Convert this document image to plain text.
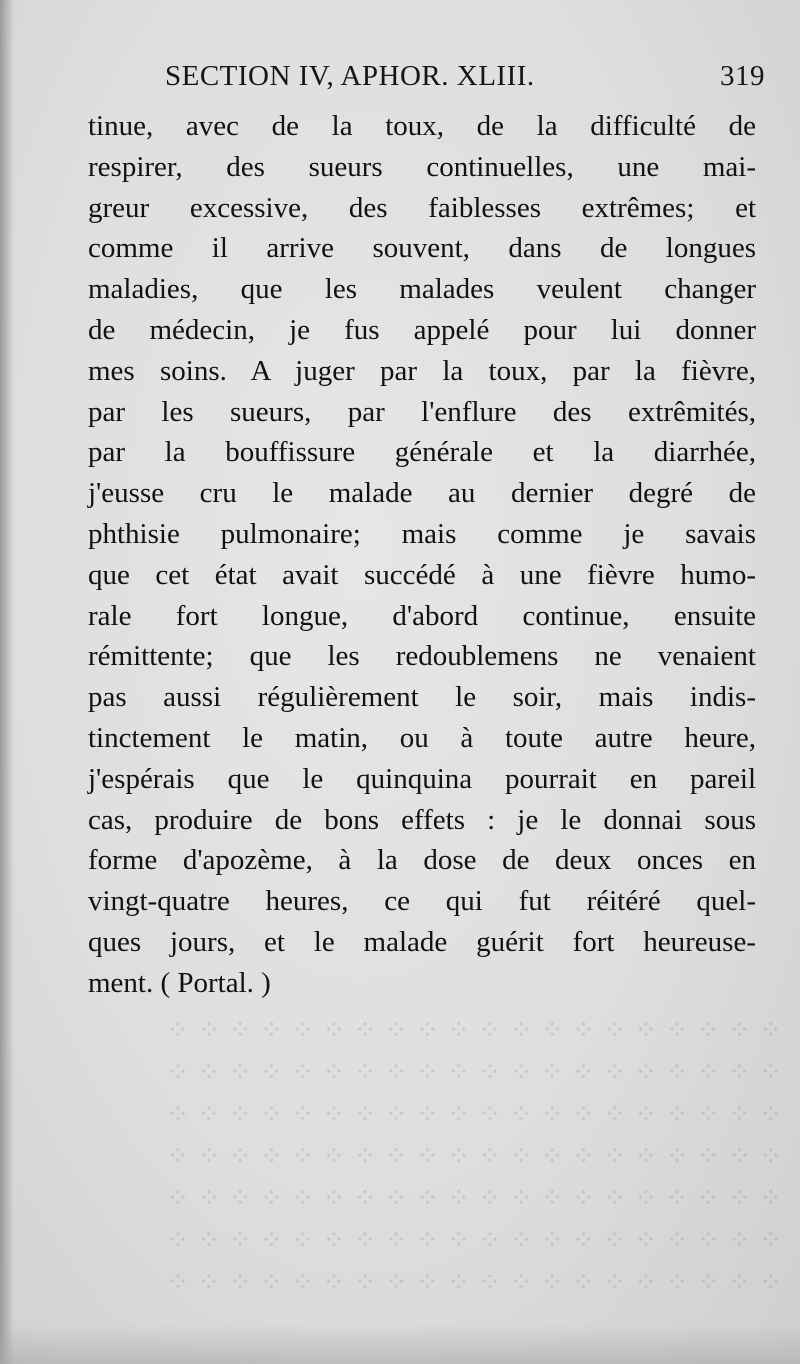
⁘ ⁘ ⁘ ⁘ ⁘ ⁘ ⁘ ⁘ ⁘ ⁘ ⁘ ⁘ ⁘ ⁘ ⁘ ⁘ ⁘ ⁘ ⁘ ⁘
⁘ ⁘ ⁘ ⁘ ⁘ ⁘ ⁘ ⁘ ⁘ ⁘ ⁘ ⁘ ⁘ ⁘ ⁘ ⁘ ⁘ ⁘ ⁘ ⁘
⁘ ⁘ ⁘ ⁘ ⁘ ⁘ ⁘ ⁘ ⁘ ⁘ ⁘ ⁘ ⁘ ⁘ ⁘ ⁘ ⁘ ⁘ ⁘ ⁘
⁘ ⁘ ⁘ ⁘ ⁘ ⁘ ⁘ ⁘ ⁘ ⁘ ⁘ ⁘ ⁘ ⁘ ⁘ ⁘ ⁘ ⁘ ⁘ ⁘
⁘ ⁘ ⁘ ⁘ ⁘ ⁘ ⁘ ⁘ ⁘ ⁘ ⁘ ⁘ ⁘ ⁘ ⁘ ⁘ ⁘ ⁘ ⁘ ⁘
⁘ ⁘ ⁘ ⁘ ⁘ ⁘ ⁘ ⁘ ⁘ ⁘ ⁘ ⁘ ⁘ ⁘ ⁘ ⁘ ⁘ ⁘ ⁘ ⁘
⁘ ⁘ ⁘ ⁘ ⁘ ⁘ ⁘ ⁘ ⁘ ⁘ ⁘ ⁘ ⁘ ⁘ ⁘ ⁘ ⁘ ⁘ ⁘ ⁘
SECTION IV, APHOR. XLIII.	319
tinue, avec de la toux, de la difficulté de
respirer, des sueurs continuelles, une mai-
greur excessive, des faiblesses extrêmes; et
comme il arrive souvent, dans de longues
maladies, que les malades veulent changer
de médecin, je fus appelé pour lui donner
mes soins. A juger par la toux, par la fièvre,
par les sueurs, par l'enflure des extrêmités,
par la bouffissure générale et la diarrhée,
j'eusse cru le malade au dernier degré de
phthisie pulmonaire; mais comme je savais
que cet état avait succédé à une fièvre humo-
rale fort longue, d'abord continue, ensuite
rémittente; que les redoublemens ne venaient
pas aussi régulièrement le soir, mais indis-
tinctement le matin, ou à toute autre heure,
j'espérais que le quinquina pourrait en pareil
cas, produire de bons effets : je le donnai sous
forme d'apozème, à la dose de deux onces en
vingt-quatre heures, ce qui fut réitéré quel-
ques jours, et le malade guérit fort heureuse-
ment. ( Portal. )
